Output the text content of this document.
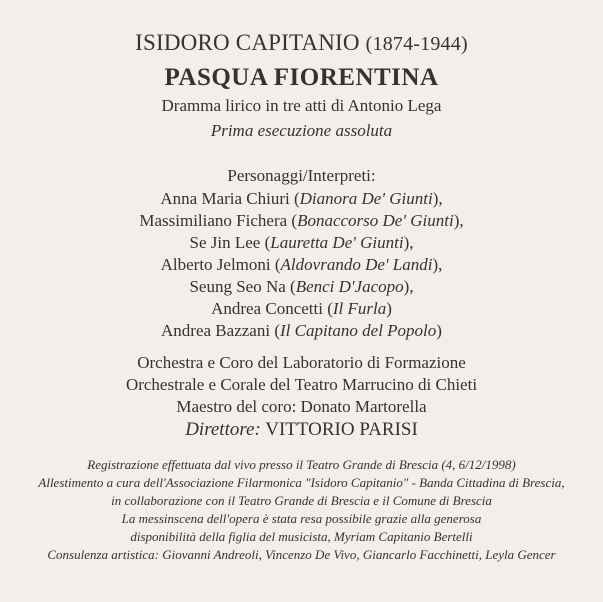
ISIDORO CAPITANIO (1874-1944)
PASQUA FIORENTINA
Dramma lirico in tre atti di Antonio Lega
Prima esecuzione assoluta
Personaggi/Interpreti:
Anna Maria Chiuri (Dianora De' Giunti),
Massimiliano Fichera (Bonaccorso De' Giunti),
Se Jin Lee (Lauretta De' Giunti),
Alberto Jelmoni (Aldovrando De' Landi),
Seung Seo Na (Benci D'Jacopo),
Andrea Concetti (Il Furla)
Andrea Bazzani (Il Capitano del Popolo)
Orchestra e Coro del Laboratorio di Formazione
Orchestrale e Corale del Teatro Marrucino di Chieti
Maestro del coro: Donato Martorella
Direttore: VITTORIO PARISI
Registrazione effettuata dal vivo presso il Teatro Grande di Brescia (4, 6/12/1998)
Allestimento a cura dell'Associazione Filarmonica "Isidoro Capitanio" - Banda Cittadina di Brescia,
in collaborazione con il Teatro Grande di Brescia e il Comune di Brescia
La messinscena dell'opera è stata resa possibile grazie alla generosa
disponibilità della figlia del musicista, Myriam Capitanio Bertelli
Consulenza artistica: Giovanni Andreoli, Vincenzo De Vivo, Giancarlo Facchinetti, Leyla Gencer
